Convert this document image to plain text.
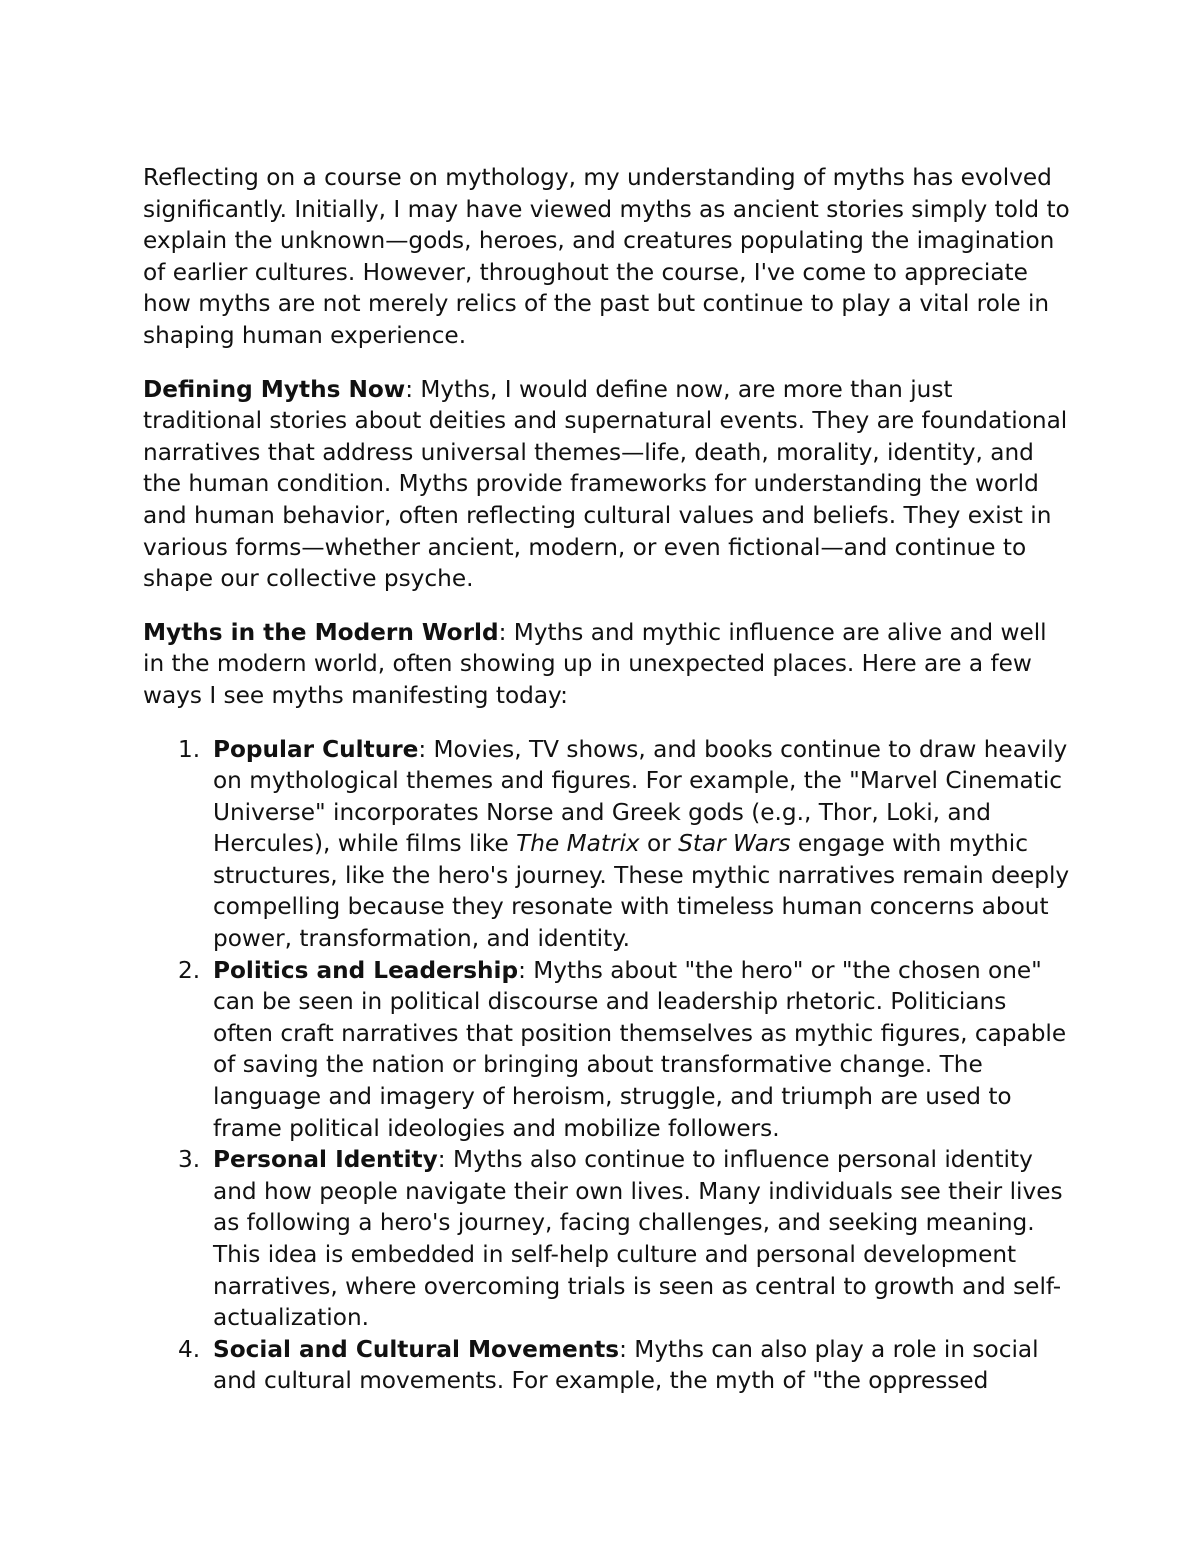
Reflecting on a course on mythology, my understanding of myths has evolved significantly. Initially, I may have viewed myths as ancient stories simply told to explain the unknown—gods, heroes, and creatures populating the imagination of earlier cultures. However, throughout the course, I've come to appreciate how myths are not merely relics of the past but continue to play a vital role in shaping human experience.

Defining Myths Now: Myths, I would define now, are more than just traditional stories about deities and supernatural events. They are foundational narratives that address universal themes—life, death, morality, identity, and the human condition. Myths provide frameworks for understanding the world and human behavior, often reflecting cultural values and beliefs. They exist in various forms—whether ancient, modern, or even fictional—and continue to shape our collective psyche.

Myths in the Modern World: Myths and mythic influence are alive and well in the modern world, often showing up in unexpected places. Here are a few ways I see myths manifesting today:

1. Popular Culture: Movies, TV shows, and books continue to draw heavily on mythological themes and figures. For example, the "Marvel Cinematic Universe" incorporates Norse and Greek gods (e.g., Thor, Loki, and Hercules), while films like The Matrix or Star Wars engage with mythic structures, like the hero's journey. These mythic narratives remain deeply compelling because they resonate with timeless human concerns about power, transformation, and identity.
2. Politics and Leadership: Myths about "the hero" or "the chosen one" can be seen in political discourse and leadership rhetoric. Politicians often craft narratives that position themselves as mythic figures, capable of saving the nation or bringing about transformative change. The language and imagery of heroism, struggle, and triumph are used to frame political ideologies and mobilize followers.
3. Personal Identity: Myths also continue to influence personal identity and how people navigate their own lives. Many individuals see their lives as following a hero's journey, facing challenges, and seeking meaning. This idea is embedded in self-help culture and personal development narratives, where overcoming trials is seen as central to growth and self-actualization.
4. Social and Cultural Movements: Myths can also play a role in social and cultural movements. For example, the myth of "the oppressed
